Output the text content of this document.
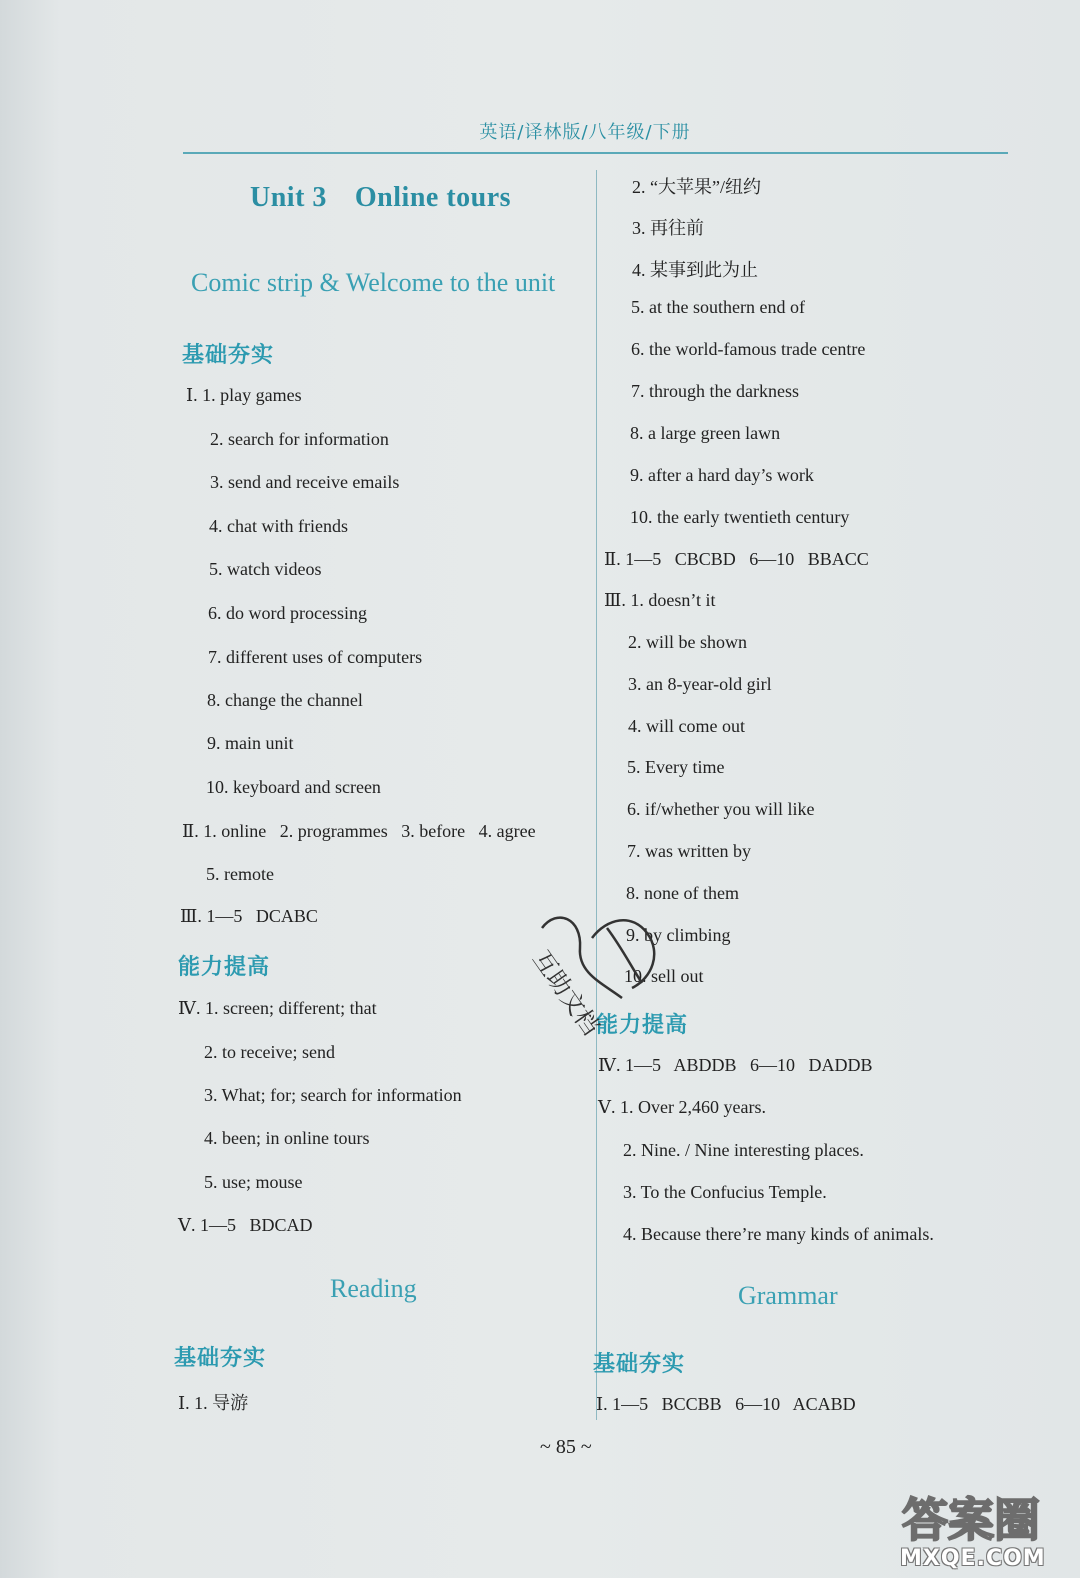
英语/译林版/八年级/下册
Unit 3 Online tours
Comic strip & Welcome to the unit
基础夯实
Ⅰ. 1. play games
2. search for information
3. send and receive emails
4. chat with friends
5. watch videos
6. do word processing
7. different uses of computers
8. change the channel
9. main unit
10. keyboard and screen
Ⅱ. 1. online   2. programmes   3. before   4. agree
5. remote
Ⅲ. 1—5   DCABC
能力提高
Ⅳ. 1. screen; different; that
2. to receive; send
3. What; for; search for information
4. been; in online tours
5. use; mouse
Ⅴ. 1—5   BDCAD
Reading
基础夯实
Ⅰ. 1. 导游
2. “大苹果”/纽约
3. 再往前
4. 某事到此为止
5. at the southern end of
6. the world-famous trade centre
7. through the darkness
8. a large green lawn
9. after a hard day’s work
10. the early twentieth century
Ⅱ. 1—5   CBCBD   6—10   BBACC
Ⅲ. 1. doesn’t it
2. will be shown
3. an 8-year-old girl
4. will come out
5. Every time
6. if/whether you will like
7. was written by
8. none of them
9. by climbing
10. sell out
能力提高
Ⅳ. 1—5   ABDDB   6—10   DADDB
Ⅴ. 1. Over 2,460 years.
2. Nine. / Nine interesting places.
3. To the Confucius Temple.
4. Because there’re many kinds of animals.
Grammar
基础夯实
Ⅰ. 1—5   BCCBB   6—10   ACABD
~ 85 ~
互助文档
答案圈
MXQE.COM
